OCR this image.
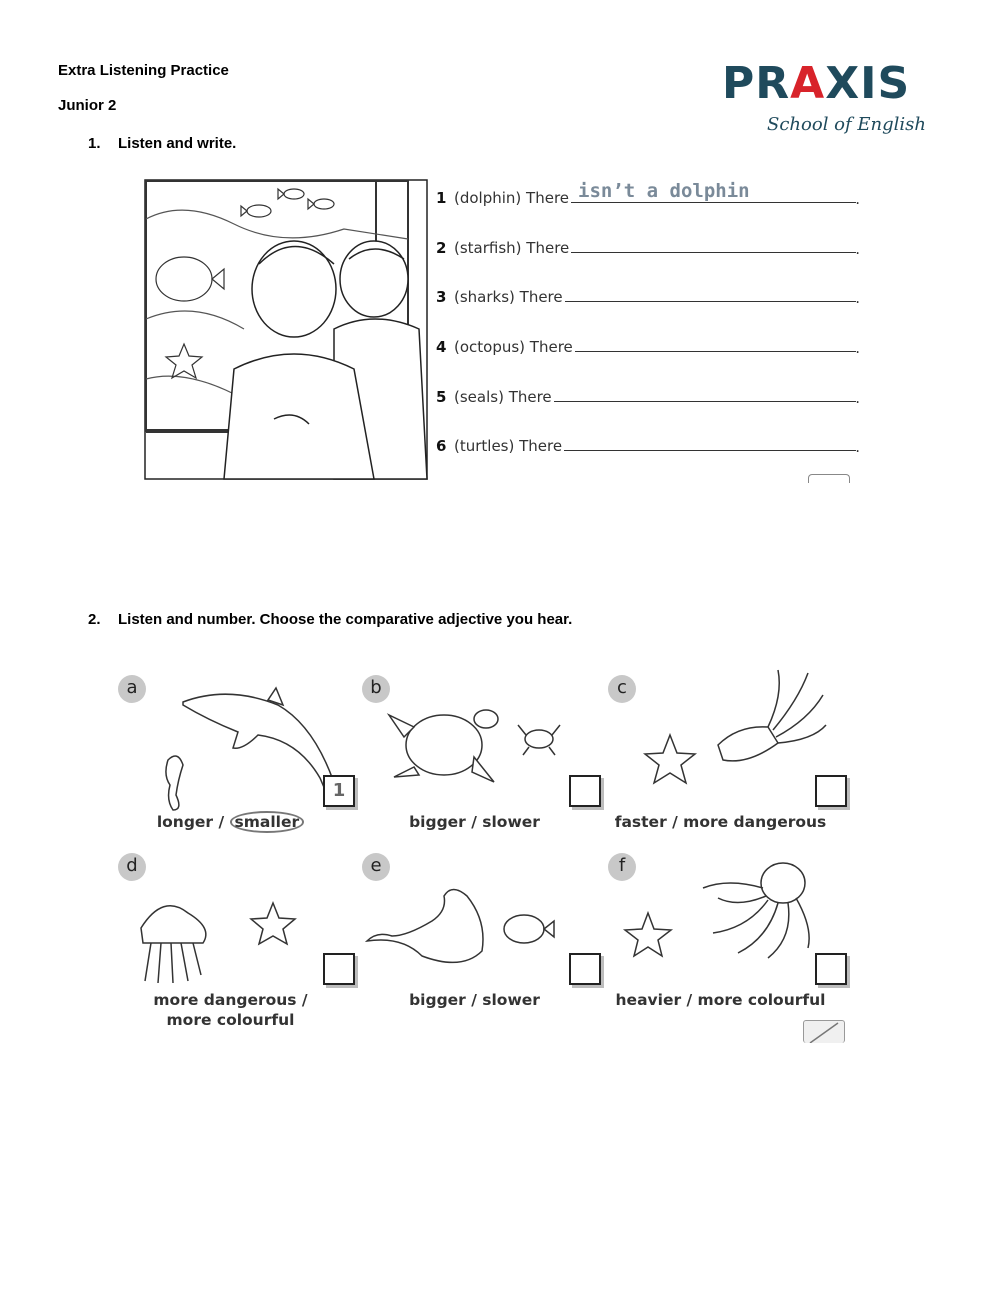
Extra Listening Practice
Junior 2	PRAXIS
School of English
1. Listen and write.
1 (dolphin) There isn’t a dolphin	.
2 (starfish) There	.
3 (sharks) There	.
4 (octopus) There	.
5 (seals) There	.
6 (turtles) There	.
2. Listen and number. Choose the comparative adjective you hear.
a
1
longer / smaller
b
bigger / slower
c
faster / more dangerous
d
more dangerous /
more colourful
e
bigger / slower
f
heavier / more colourful
